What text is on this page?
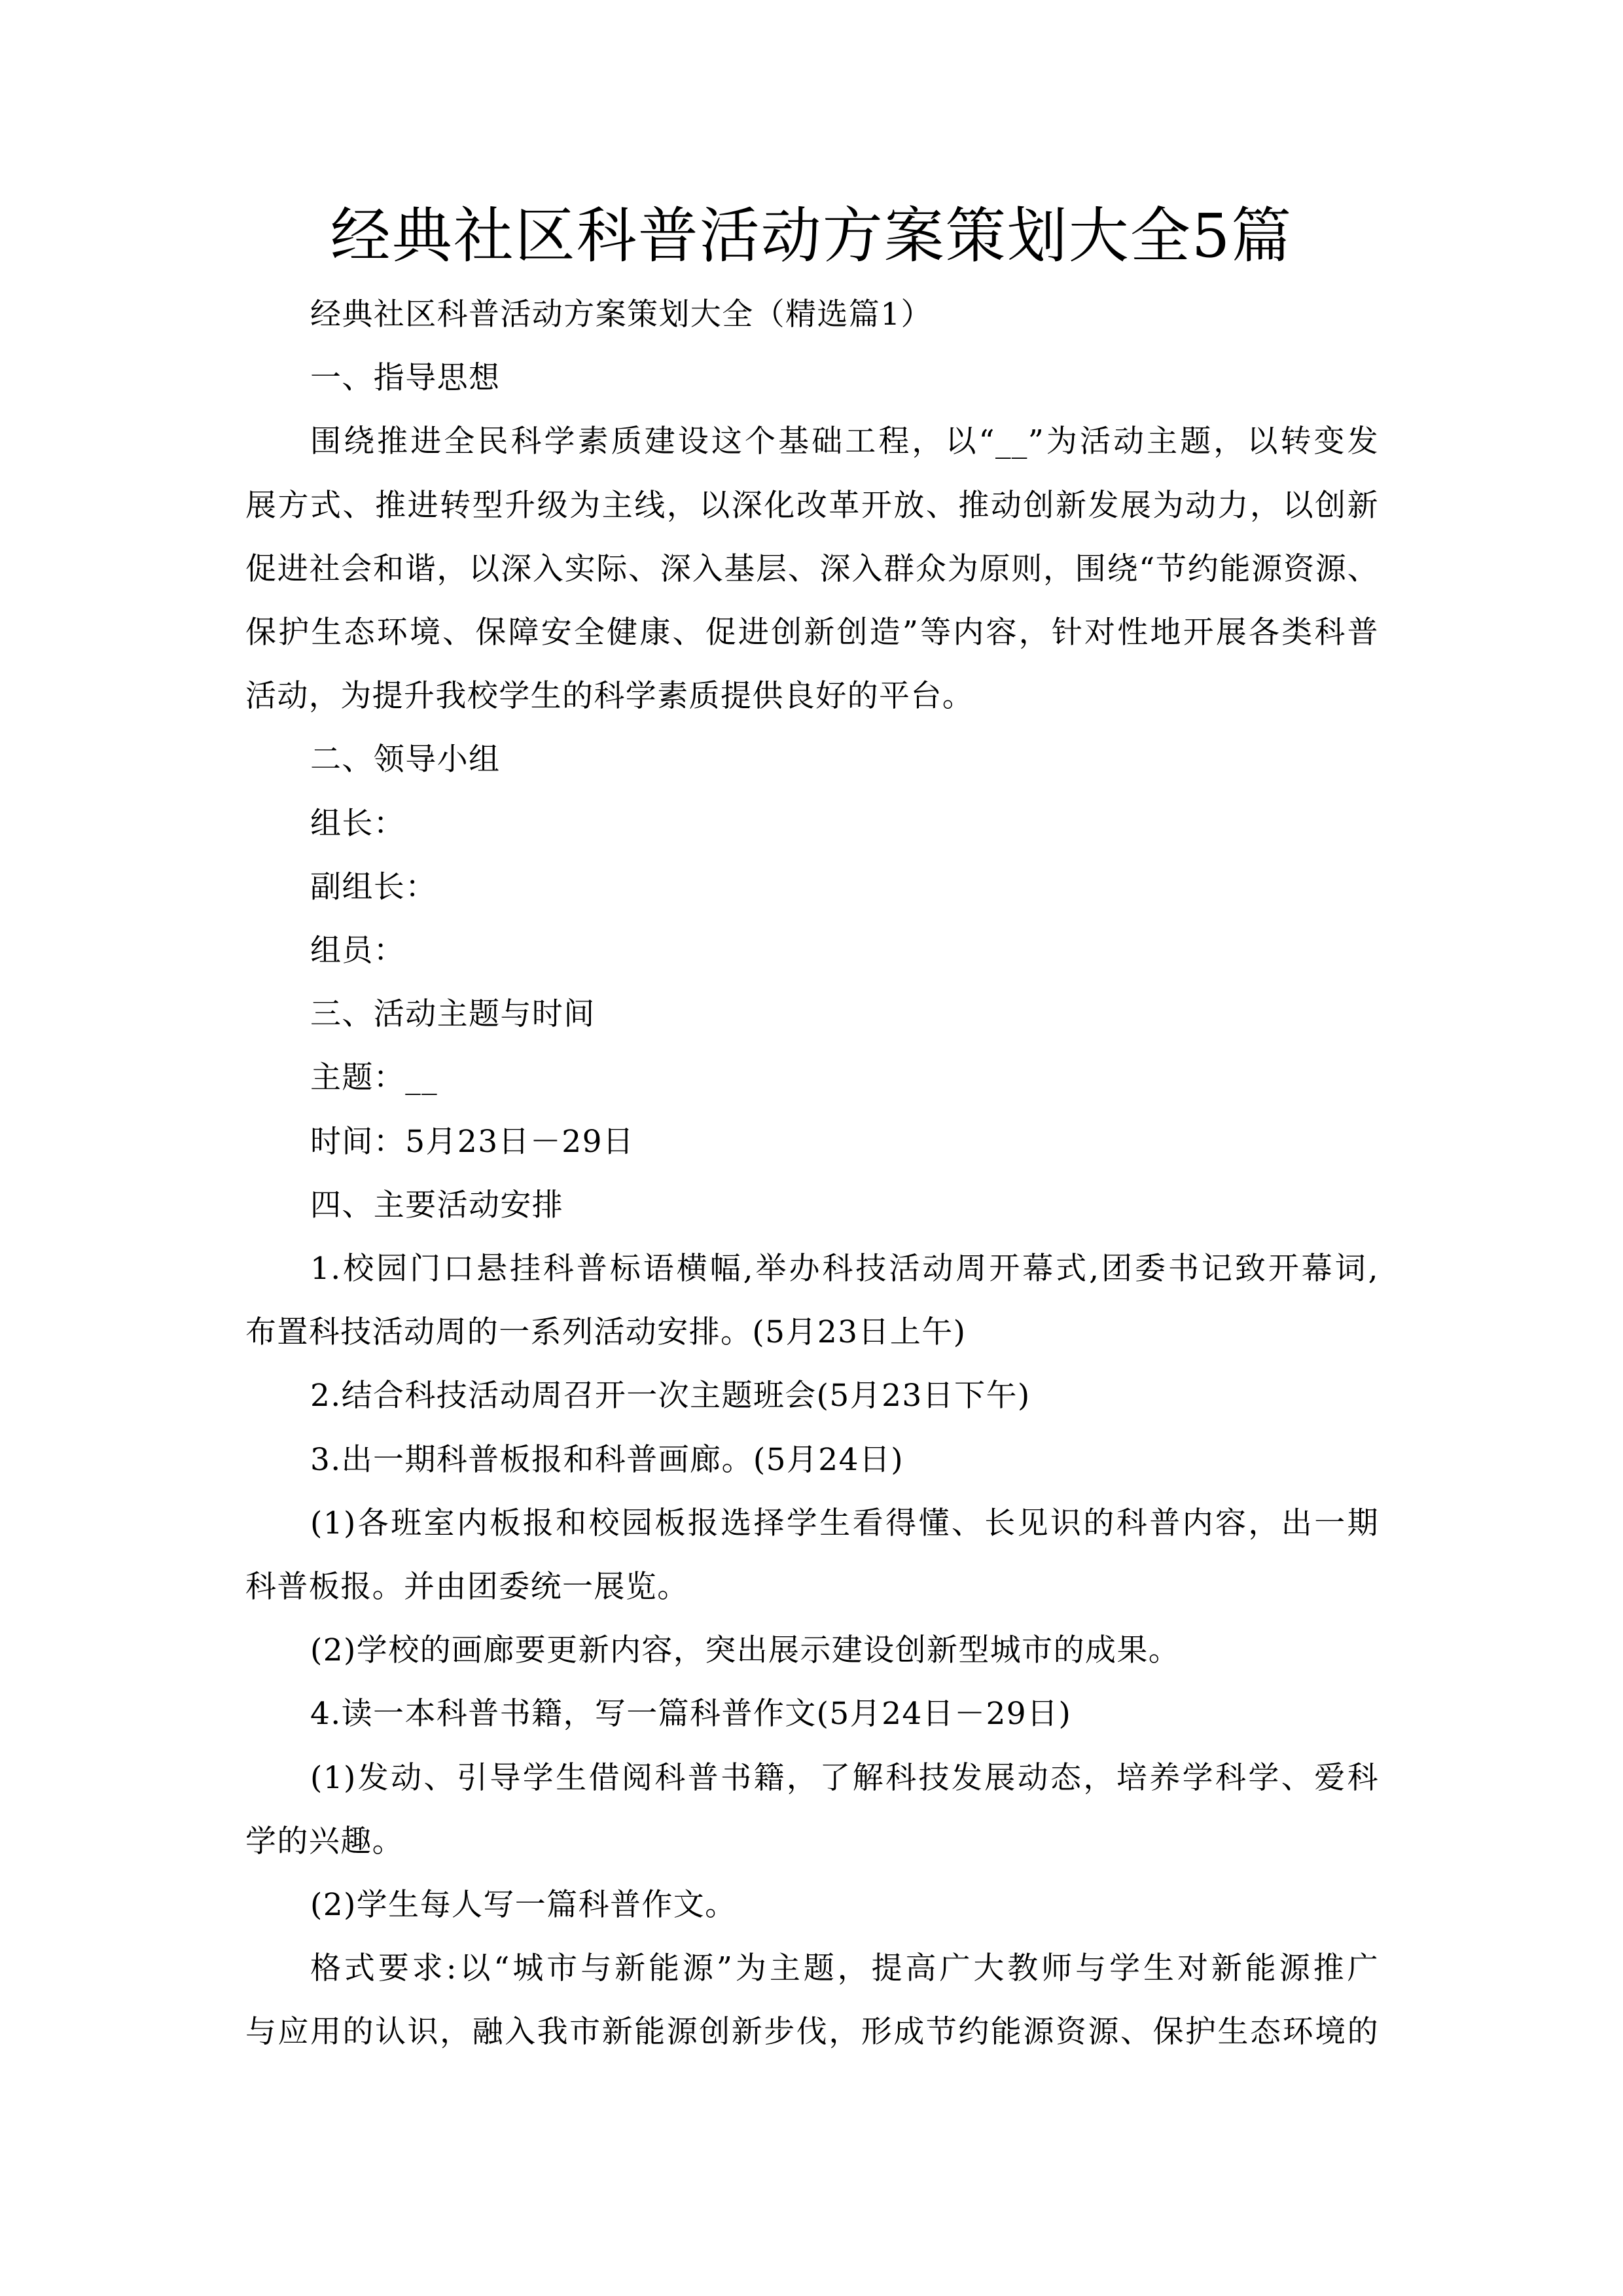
经典社区科普活动方案策划大全5篇
经典社区科普活动方案策划大全（精选篇1）
一、指导思想
围绕推进全民科学素质建设这个基础工程，以“__”为活动主题，以转变发
展方式、推进转型升级为主线，以深化改革开放、推动创新发展为动力，以创新
促进社会和谐，以深入实际、深入基层、深入群众为原则，围绕“节约能源资源、
保护生态环境、保障安全健康、促进创新创造”等内容，针对性地开展各类科普
活动，为提升我校学生的科学素质提供良好的平台。
二、领导小组
组长：
副组长：
组员：
三、活动主题与时间
主题：__
时间：5月23日－29日
四、主要活动安排
1.校园门口悬挂科普标语横幅,举办科技活动周开幕式,团委书记致开幕词,
布置科技活动周的一系列活动安排。(5月23日上午)
2.结合科技活动周召开一次主题班会(5月23日下午)
3.出一期科普板报和科普画廊。(5月24日)
(1)各班室内板报和校园板报选择学生看得懂、长见识的科普内容，出一期
科普板报。并由团委统一展览。
(2)学校的画廊要更新内容，突出展示建设创新型城市的成果。
4.读一本科普书籍，写一篇科普作文(5月24日－29日)
(1)发动、引导学生借阅科普书籍，了解科技发展动态，培养学科学、爱科
学的兴趣。
(2)学生每人写一篇科普作文。
格式要求:以“城市与新能源”为主题，提高广大教师与学生对新能源推广
与应用的认识，融入我市新能源创新步伐，形成节约能源资源、保护生态环境的
